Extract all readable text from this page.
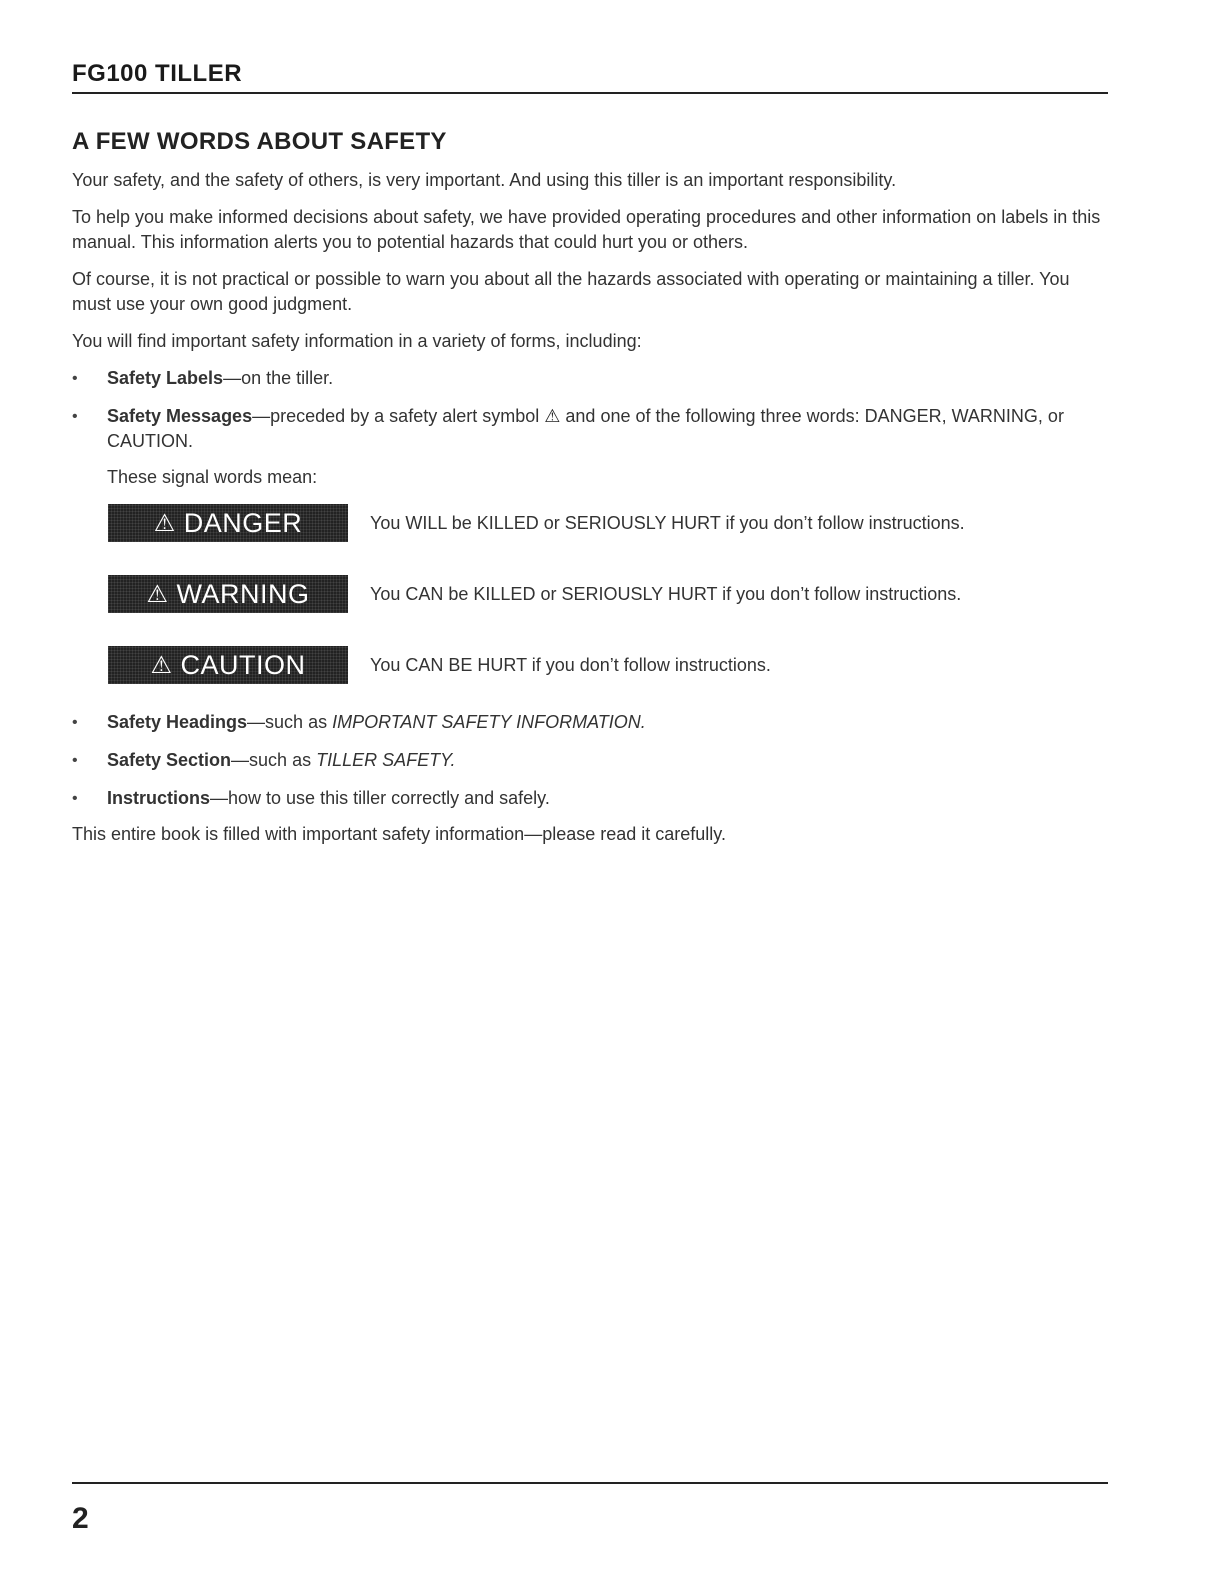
FG100 TILLER
A FEW WORDS ABOUT SAFETY

Your safety, and the safety of others, is very important. And using this tiller is an important responsibility.

To help you make informed decisions about safety, we have provided operating procedures and other information on labels in this manual. This information alerts you to potential hazards that could hurt you or others.

Of course, it is not practical or possible to warn you about all the hazards associated with operating or maintaining a tiller. You must use your own good judgment.

You will find important safety information in a variety of forms, including:

• Safety Labels—on the tiller.
• Safety Messages—preceded by a safety alert symbol ⚠ and one of the following three words: DANGER, WARNING, or CAUTION.
These signal words mean:
⚠ DANGER	You WILL be KILLED or SERIOUSLY HURT if you don’t follow instructions.
⚠ WARNING	You CAN be KILLED or SERIOUSLY HURT if you don’t follow instructions.
⚠ CAUTION	You CAN BE HURT if you don’t follow instructions.
• Safety Headings—such as IMPORTANT SAFETY INFORMATION.
• Safety Section—such as TILLER SAFETY.
• Instructions—how to use this tiller correctly and safely.

This entire book is filled with important safety information—please read it carefully.

2
